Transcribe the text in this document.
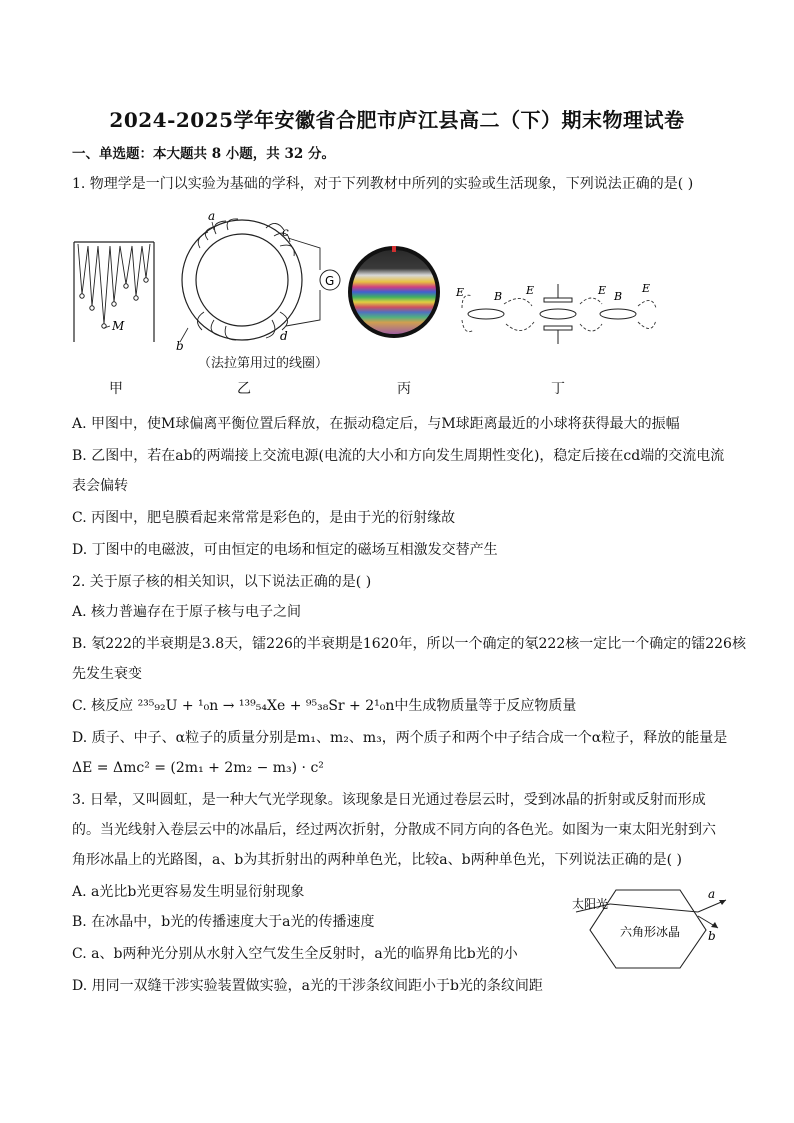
2024-2025学年安徽省合肥市庐江县高二（下）期末物理试卷
一、单选题：本大题共 8 小题，共 32 分。
1. 物理学是一门以实验为基础的学科，对于下列教材中所列的实验或生活现象，下列说法正确的是( )
M
a
c
G
d
b
（法拉第用过的线圈）
E	B E	E B
E
甲	乙	丙	丁
A. 甲图中，使M球偏离平衡位置后释放，在振动稳定后，与M球距离最近的小球将获得最大的振幅
B. 乙图中，若在ab的两端接上交流电源(电流的大小和方向发生周期性变化)，稳定后接在cd端的交流电流
表会偏转
C. 丙图中，肥皂膜看起来常常是彩色的，是由于光的衍射缘故
D. 丁图中的电磁波，可由恒定的电场和恒定的磁场互相激发交替产生
2. 关于原子核的相关知识，以下说法正确的是( )
A. 核力普遍存在于原子核与电子之间
B. 氡222的半衰期是3.8天，镭226的半衰期是1620年，所以一个确定的氡222核一定比一个确定的镭226核
先发生衰变
C. 核反应 ²³⁵₉₂U + ¹₀n → ¹³⁹₅₄Xe + ⁹⁵₃₈Sr + 2¹₀n中生成物质量等于反应物质量
D. 质子、中子、α粒子的质量分别是m₁、m₂、m₃，两个质子和两个中子结合成一个α粒子，释放的能量是
ΔE = Δmc² = (2m₁ + 2m₂ − m₃) · c²
3. 日晕，又叫圆虹，是一种大气光学现象。该现象是日光通过卷层云时，受到冰晶的折射或反射而形成
的。当光线射入卷层云中的冰晶后，经过两次折射，分散成不同方向的各色光。如图为一束太阳光射到六
角形冰晶上的光路图，a、b为其折射出的两种单色光，比较a、b两种单色光，下列说法正确的是( )
A. a光比b光更容易发生明显衍射现象
B. 在冰晶中，b光的传播速度大于a光的传播速度
C. a、b两种光分别从水射入空气发生全反射时，a光的临界角比b光的小
D. 用同一双缝干涉实验装置做实验，a光的干涉条纹间距小于b光的条纹间距
太阳光
六角形冰晶
a
b
